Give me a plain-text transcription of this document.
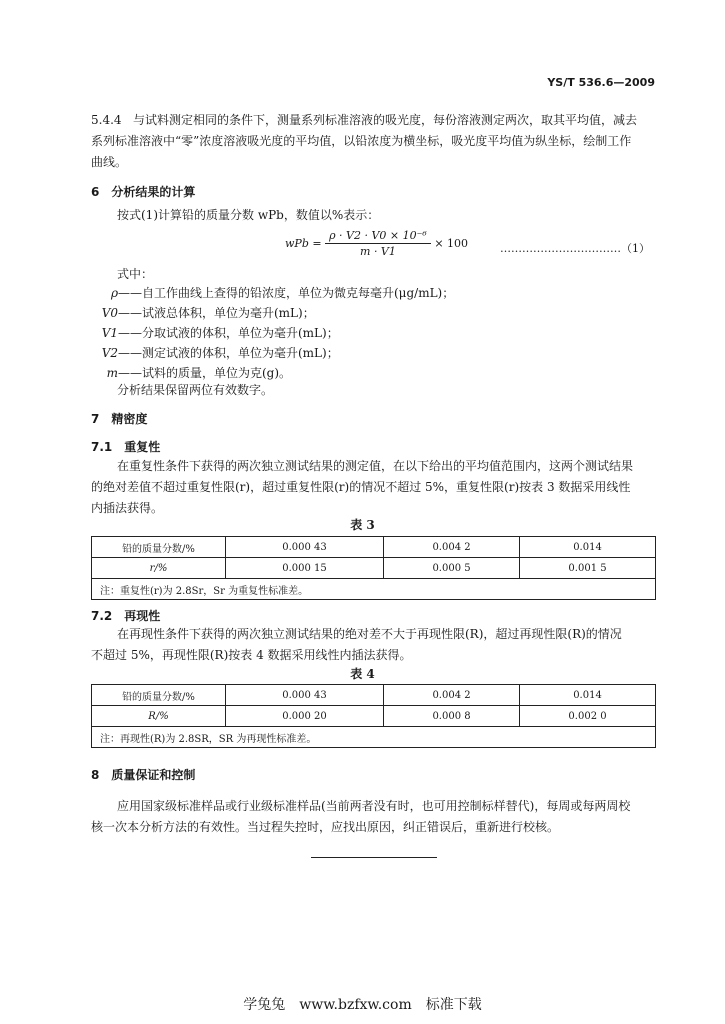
YS/T 536.6—2009
5.4.4 与试料测定相同的条件下，测量系列标准溶液的吸光度，每份溶液测定两次，取其平均值，减去
系列标准溶液中“零”浓度溶液吸光度的平均值，以铅浓度为横坐标，吸光度平均值为纵坐标，绘制工作
曲线。
6　分析结果的计算
按式(1)计算铅的质量分数 wPb，数值以%表示：
wPb = $\frac{\text{ρ · V2 · V0 × 10⁻⁶}}{m \cdot V1} \times 100$	……………………………（1）
式中：
ρ——自工作曲线上查得的铅浓度，单位为微克每毫升(μg/mL)；
V0——试液总体积，单位为毫升(mL)；
V1——分取试液的体积，单位为毫升(mL)；
V2——测定试液的体积，单位为毫升(mL)；
m——试料的质量，单位为克(g)。
分析结果保留两位有效数字。
7　精密度
7.1　重复性
在重复性条件下获得的两次独立测试结果的测定值，在以下给出的平均值范围内，这两个测试结果
的绝对差值不超过重复性限(r)，超过重复性限(r)的情况不超过 5%，重复性限(r)按表 3 数据采用线性
内插法获得。
表 3
铅的质量分数/%	0.000 43	0.004 2	0.014
r/%	0.000 15	0.000 5	0.001 5
注：重复性(r)为 2.8Sr，Sr 为重复性标准差。			
7.2　再现性
在再现性条件下获得的两次独立测试结果的绝对差不大于再现性限(R)，超过再现性限(R)的情况
不超过 5%，再现性限(R)按表 4 数据采用线性内插法获得。
表 4
铅的质量分数/%	0.000 43	0.004 2	0.014
R/%	0.000 20	0.000 8	0.002 0
注：再现性(R)为 2.8SR，SR 为再现性标准差。			
8　质量保证和控制
应用国家级标准样品或行业级标准样品(当前两者没有时，也可用控制标样替代)，每周或每两周校
核一次本分析方法的有效性。当过程失控时，应找出原因，纠正错误后，重新进行校核。
学兔兔　www.bzfxw.com　标准下载
